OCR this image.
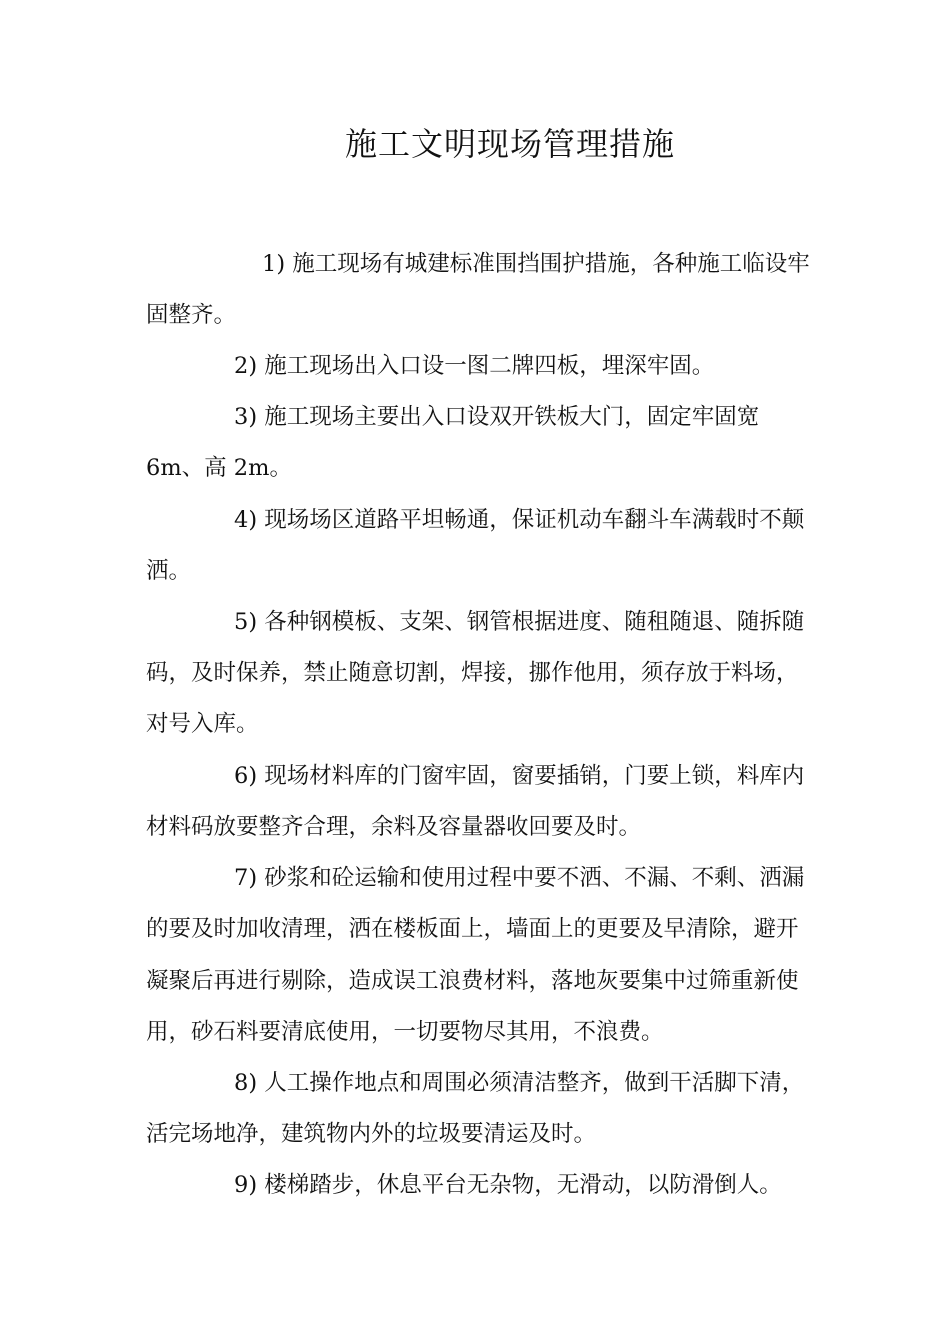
施工文明现场管理措施
1) 施工现场有城建标准围挡围护措施，各种施工临设牢
固整齐。
2) 施工现场出入口设一图二牌四板，埋深牢固。
3) 施工现场主要出入口设双开铁板大门，固定牢固宽
6m、高 2m。
4) 现场场区道路平坦畅通，保证机动车翻斗车满载时不颠
洒。
5) 各种钢模板、支架、钢管根据进度、随租随退、随拆随
码，及时保养，禁止随意切割，焊接，挪作他用，须存放于料场，
对号入库。
6) 现场材料库的门窗牢固，窗要插销，门要上锁，料库内
材料码放要整齐合理，余料及容量器收回要及时。
7) 砂浆和砼运输和使用过程中要不洒、不漏、不剩、洒漏
的要及时加收清理，洒在楼板面上，墙面上的更要及早清除，避开
凝聚后再进行剔除，造成误工浪费材料，落地灰要集中过筛重新使
用，砂石料要清底使用，一切要物尽其用，不浪费。
8) 人工操作地点和周围必须清洁整齐，做到干活脚下清，
活完场地净，建筑物内外的垃圾要清运及时。
9) 楼梯踏步，休息平台无杂物，无滑动，以防滑倒人。
